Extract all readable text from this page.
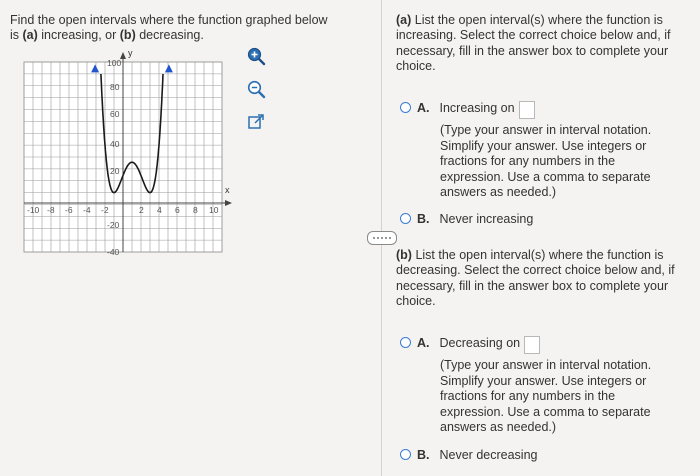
Find the open intervals where the function graphed below
is (a) increasing, or (b) decreasing.
y
x
100
80
60
40
20
-20
-40
-10 -8 -6 -4 -2	2 4 6 8 10
(a) List the open interval(s) where the function is increasing. Select the correct choice below and, if necessary, fill in the answer box to complete your choice.
A. Increasing on
(Type your answer in interval notation. Simplify your answer. Use integers or fractions for any numbers in the expression. Use a comma to separate answers as needed.)
B. Never increasing
(b) List the open interval(s) where the function is decreasing. Select the correct choice below and, if necessary, fill in the answer box to complete your choice.
A. Decreasing on
(Type your answer in interval notation. Simplify your answer. Use integers or fractions for any numbers in the expression. Use a comma to separate answers as needed.)
B. Never decreasing
